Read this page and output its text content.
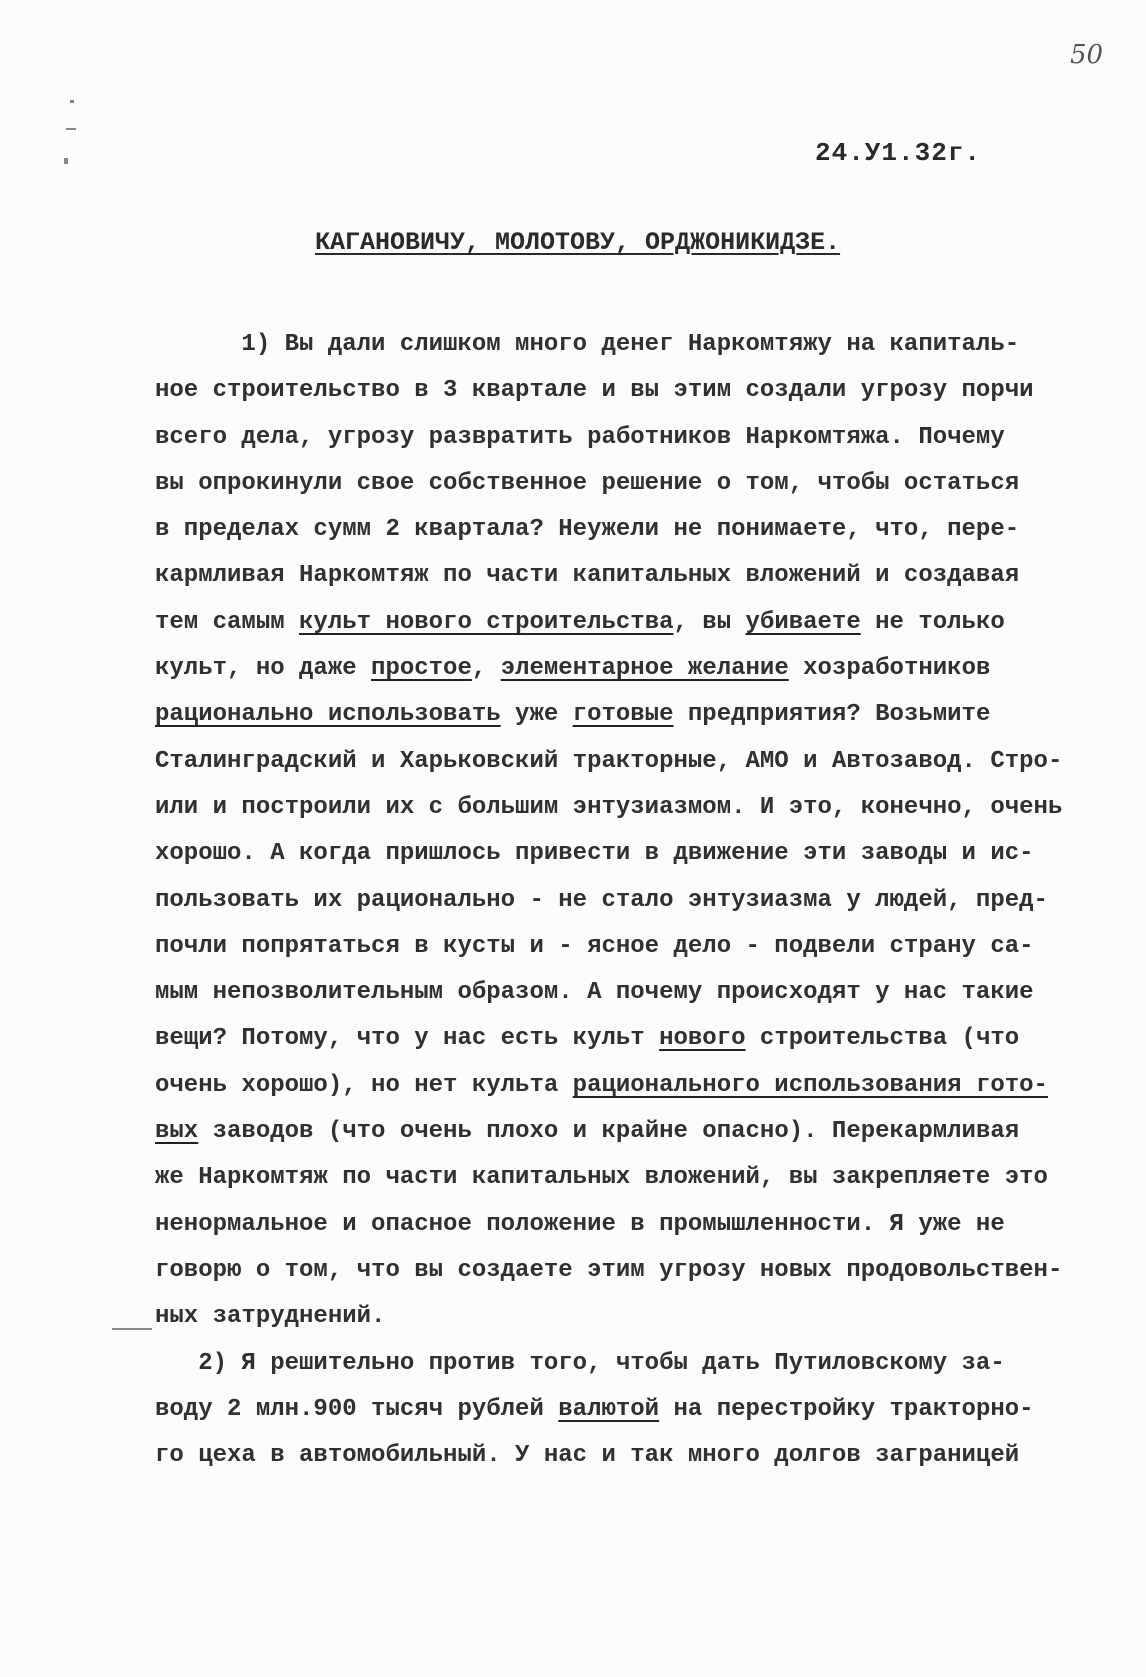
50
24.У1.32г.
КАГАНОВИЧУ, МОЛОТОВУ, ОРДЖОНИКИДЗЕ.
1) Вы дали слишком много денег Наркомтяжу на капиталь-
ное строительство в 3 квартале и вы этим создали угрозу порчи
всего дела, угрозу развратить работников Наркомтяжа. Почему
вы опрокинули свое собственное решение о том, чтобы остаться
в пределах сумм 2 квартала? Неужели не понимаете, что, пере-
кармливая Наркомтяж по части капитальных вложений и создавая
тем самым культ нового строительства, вы убиваете не только
культ, но даже простое, элементарное желание хозработников
рационально использовать уже готовые предприятия? Возьмите
Сталинградский и Харьковский тракторные, АМО и Автозавод. Стро-
или и построили их с большим энтузиазмом. И это, конечно, очень
хорошо. А когда пришлось привести в движение эти заводы и ис-
пользовать их рационально - не стало энтузиазма у людей, пред-
почли попрятаться в кусты и - ясное дело - подвели страну са-
мым непозволительным образом. А почему происходят у нас такие
вещи? Потому, что у нас есть культ нового строительства (что
очень хорошо), но нет культа рационального использования гото-
вых заводов (что очень плохо и крайне опасно). Перекармливая
же Наркомтяж по части капитальных вложений, вы закрепляете это
ненормальное и опасное положение в промышленности. Я уже не
говорю о том, что вы создаете этим угрозу новых продовольствен-
ных затруднений.
2) Я решительно против того, чтобы дать Путиловскому за-
воду 2 млн.900 тысяч рублей валютой на перестройку тракторно-
го цеха в автомобильный. У нас и так много долгов заграницей
